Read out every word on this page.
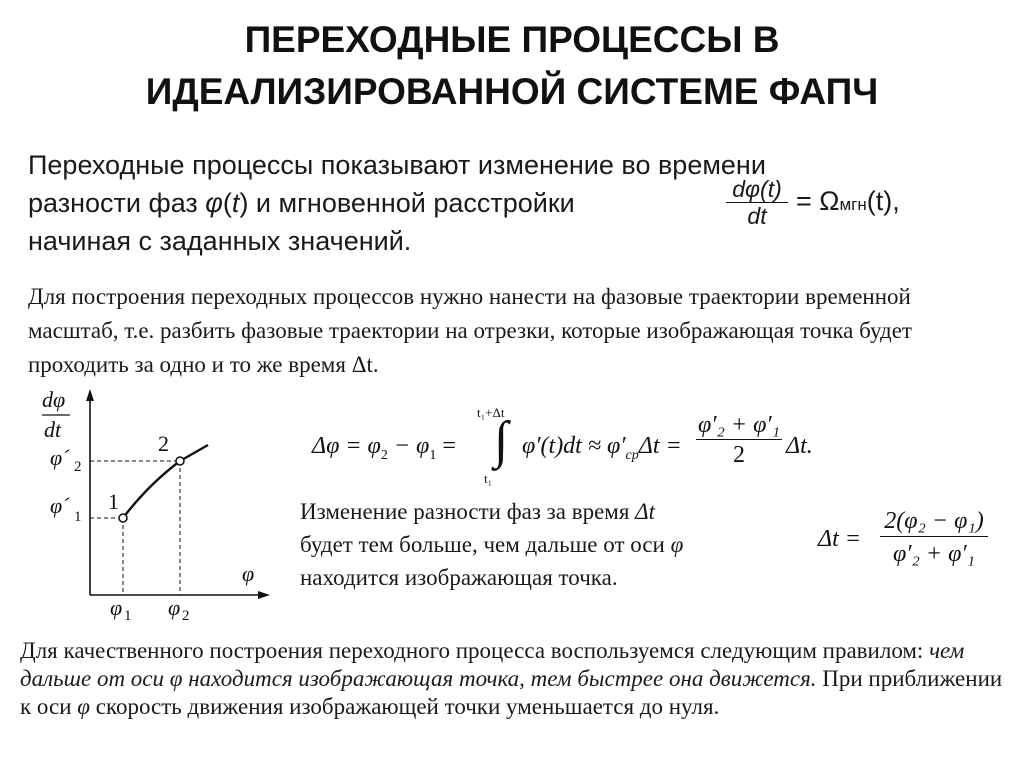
ПЕРЕХОДНЫЕ ПРОЦЕССЫ В
ИДЕАЛИЗИРОВАННОЙ СИСТЕМЕ ФАПЧ
Переходные процессы показывают изменение во времени
разности фаз φ(t) и мгновенной расстройки
начиная с заданных значений.
dφ(t)
dt	= Ωмгн(t),
Для построения переходных процессов нужно нанести на фазовые траектории временной масштаб, т.е. разбить фазовые траектории на отрезки, которые изображающая точка будет проходить за одно и то же время Δt.
dφ
dt
φ´ 2
φ´ 1
φ
φ 1 φ 2
1
2	$\Delta\varphi = \varphi_2 - \varphi_1$ =
t₁+Δt
∫
t₁
$\varphi'(t)dt \approx \varphi'_{cp}\Delta t$ =
φ′₂ + φ′₁
2	Δt.
Изменение разности фаз за время Δt
будет тем больше, чем дальше от оси φ
находится изображающая точка.
Δt =
2(φ₂ − φ₁)
φ′₂ + φ′₁
Для качественного построения переходного процесса воспользуемся следующим правилом: чем дальше от оси φ находится изображающая точка, тем быстрее она движется. При приближении к оси φ скорость движения изображающей точки уменьшается до нуля.
